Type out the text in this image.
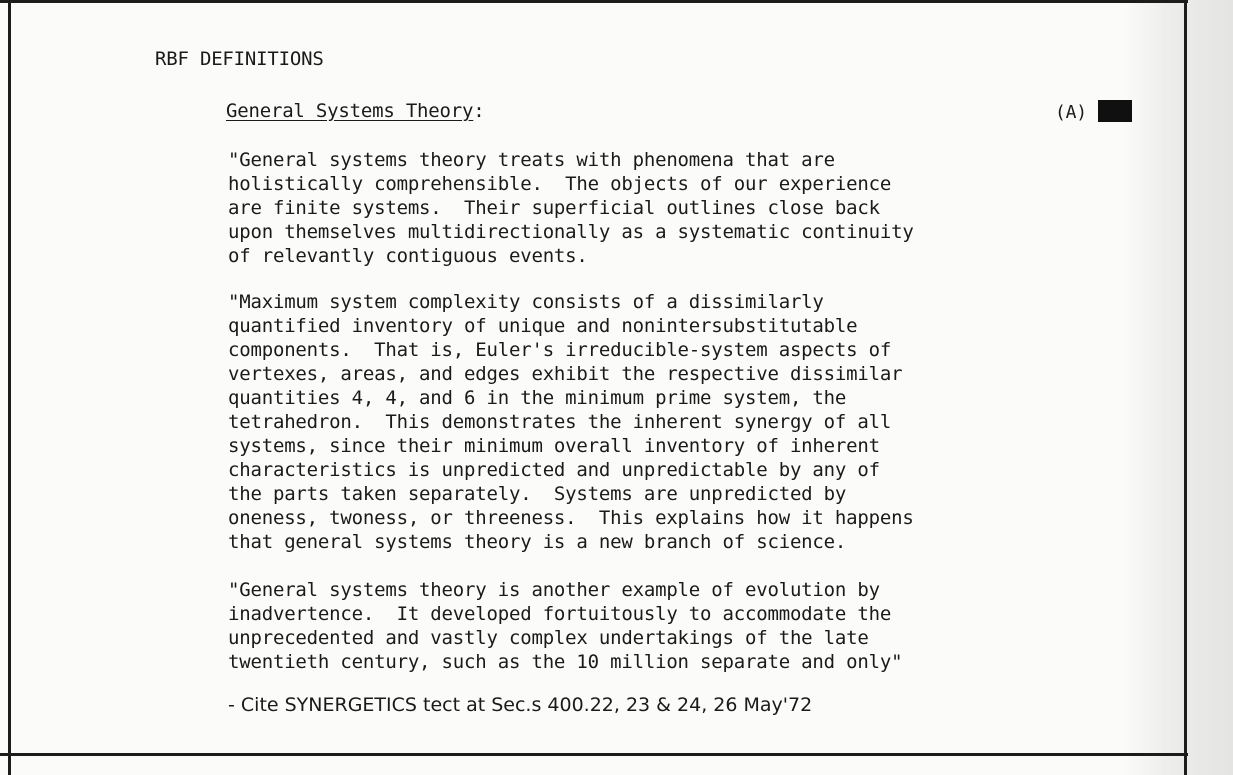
RBF DEFINITIONS
General Systems Theory:	(A)
"General systems theory treats with phenomena that are
holistically comprehensible.  The objects of our experience
are finite systems.  Their superficial outlines close back
upon themselves multidirectionally as a systematic continuity
of relevantly contiguous events.
"Maximum system complexity consists of a dissimilarly
quantified inventory of unique and nonintersubstitutable
components.  That is, Euler's irreducible-system aspects of
vertexes, areas, and edges exhibit the respective dissimilar
quantities 4, 4, and 6 in the minimum prime system, the
tetrahedron.  This demonstrates the inherent synergy of all
systems, since their minimum overall inventory of inherent
characteristics is unpredicted and unpredictable by any of
the parts taken separately.  Systems are unpredicted by
oneness, twoness, or threeness.  This explains how it happens
that general systems theory is a new branch of science.
"General systems theory is another example of evolution by
inadvertence.  It developed fortuitously to accommodate the
unprecedented and vastly complex undertakings of the late
twentieth century, such as the 10 million separate and only"
- Cite SYNERGETICS tect at Sec.s 400.22, 23 & 24, 26 May'72
